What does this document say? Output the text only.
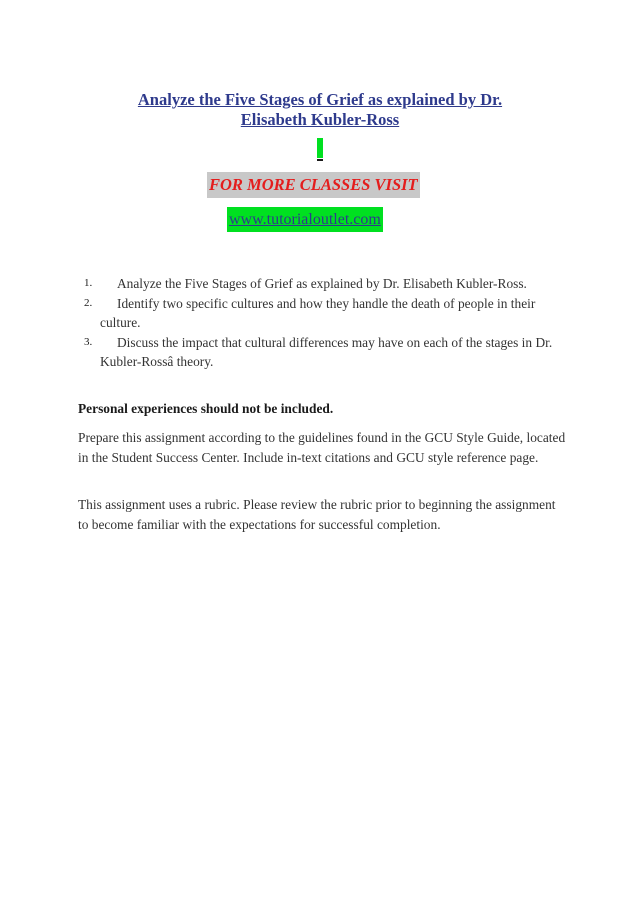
Analyze the Five Stages of Grief as explained by Dr.
Elisabeth Kubler-Ross
FOR MORE CLASSES VISIT
www.tutorialoutlet.com
1.	Analyze the Five Stages of Grief as explained by Dr. Elisabeth Kubler-Ross.
2.	Identify two specific cultures and how they handle the death of people in their culture.
3.	Discuss the impact that cultural differences may have on each of the stages in Dr. Kubler-Rossâ theory.
Personal experiences should not be included.
Prepare this assignment according to the guidelines found in the GCU Style Guide, located in the Student Success Center. Include in-text citations and GCU style reference page.
This assignment uses a rubric. Please review the rubric prior to beginning the assignment to become familiar with the expectations for successful completion.
